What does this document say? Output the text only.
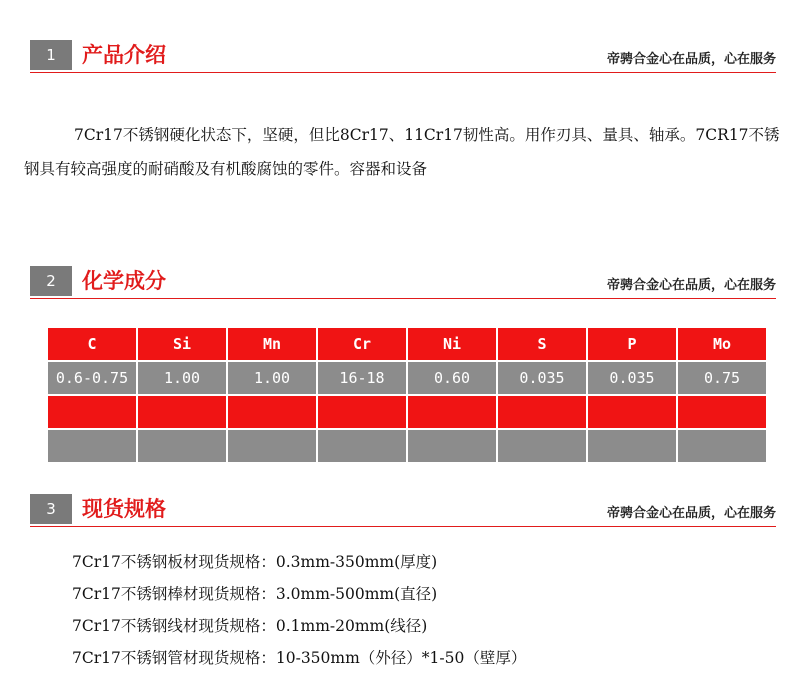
1	产品介绍	帝骋合金心在品质，心在服务

7Cr17不锈钢硬化状态下，坚硬，但比8Cr17、11Cr17韧性高。用作刃具、量具、轴承。7CR17不锈钢具有较高强度的耐硝酸及有机酸腐蚀的零件。容器和设备

2	化学成分	帝骋合金心在品质，心在服务
C	Si	Mn	Cr	Ni	S	P	Mo
0.6-0.75	1.00	1.00	16-18	0.60	0.035	0.035	0.75

3	现货规格	帝骋合金心在品质，心在服务
7Cr17不锈钢板材现货规格：0.3mm-350mm(厚度)
7Cr17不锈钢棒材现货规格：3.0mm-500mm(直径)
7Cr17不锈钢线材现货规格：0.1mm-20mm(线径)
7Cr17不锈钢管材现货规格：10-350mm（外径）*1-50（壁厚）
